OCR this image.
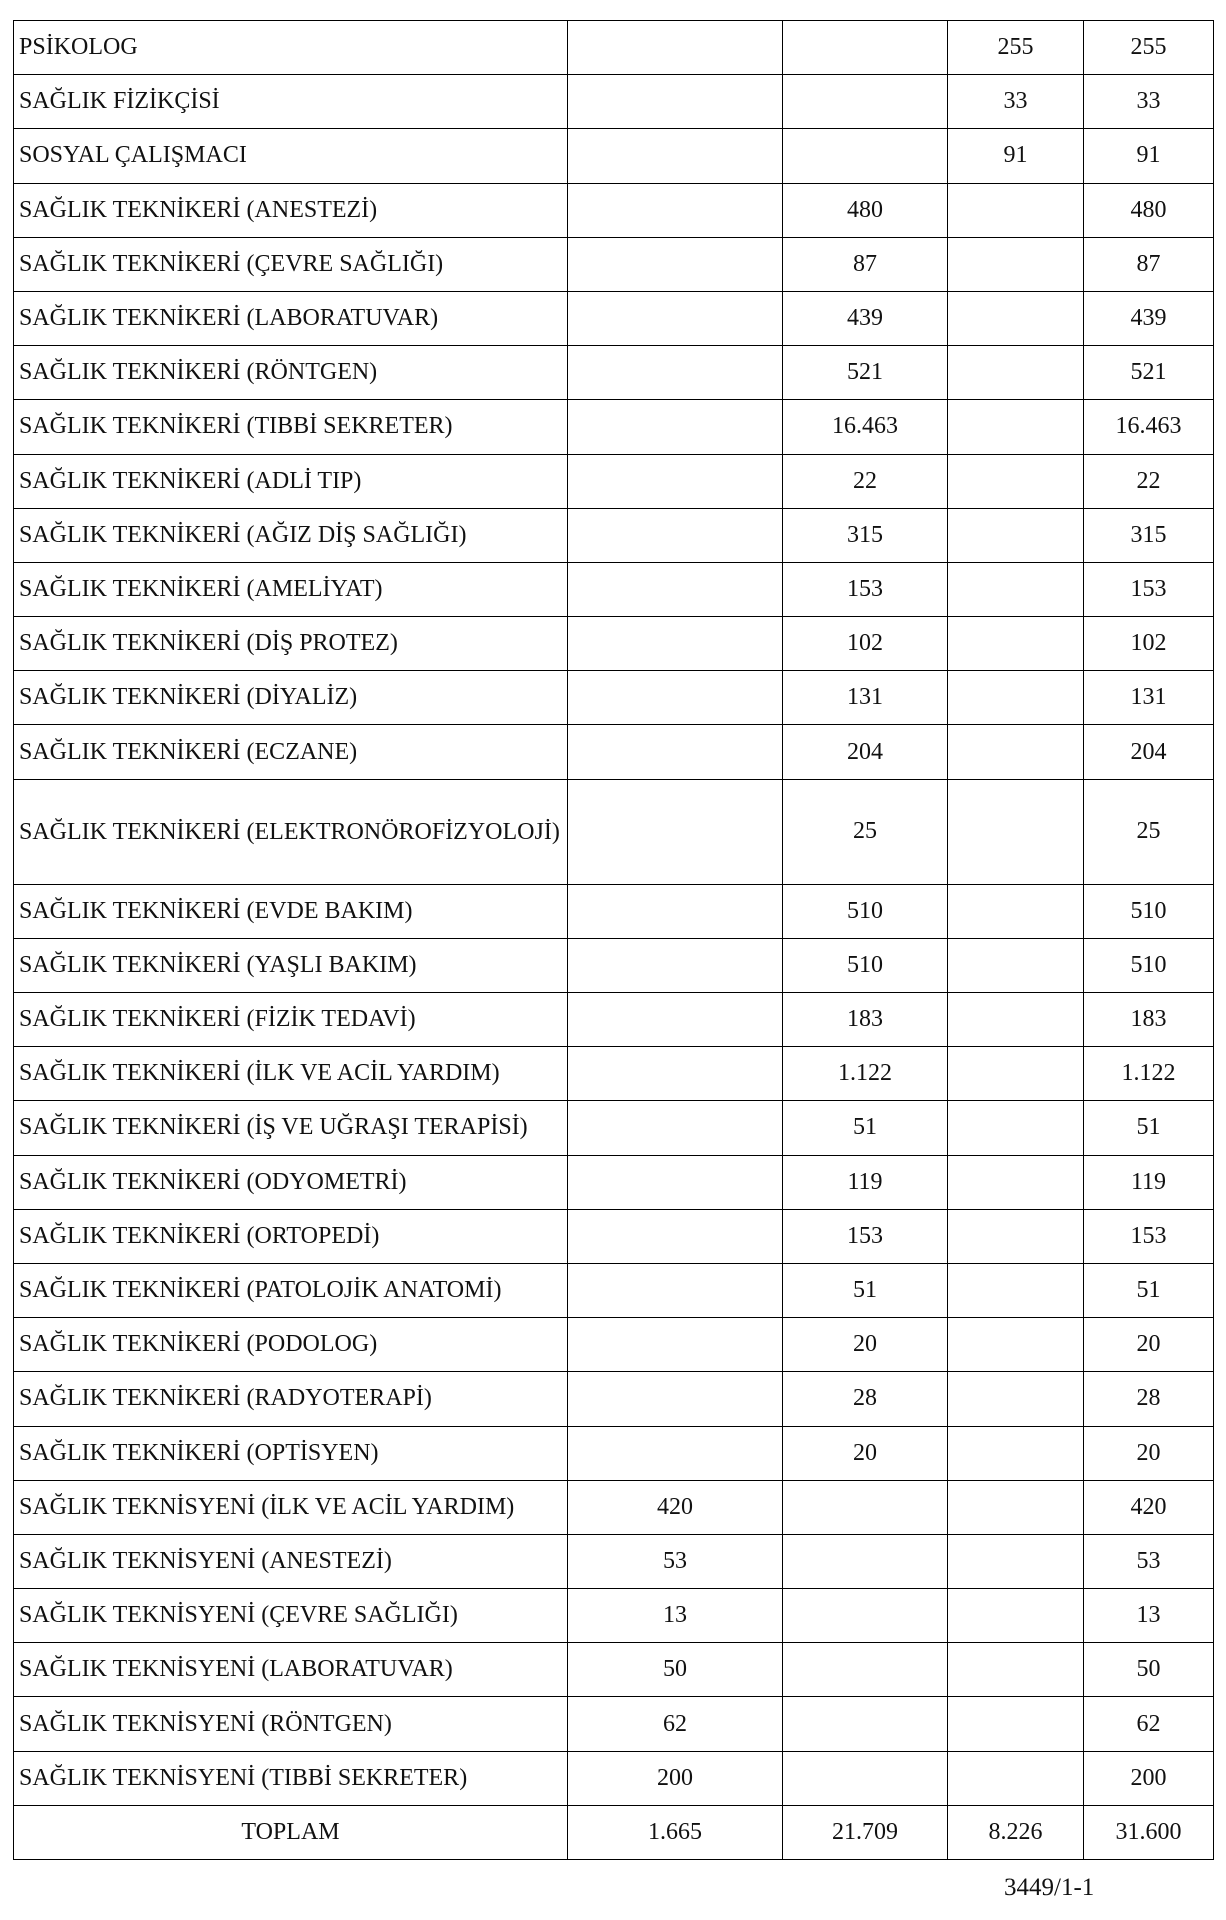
PSİKOLOG			255	255
SAĞLIK FİZİKÇİSİ			33	33
SOSYAL ÇALIŞMACI			91	91
SAĞLIK TEKNİKERİ (ANESTEZİ)		480		480
SAĞLIK TEKNİKERİ (ÇEVRE SAĞLIĞI)		87		87
SAĞLIK TEKNİKERİ (LABORATUVAR)		439		439
SAĞLIK TEKNİKERİ (RÖNTGEN)		521		521
SAĞLIK TEKNİKERİ (TIBBİ SEKRETER)		16.463		16.463
SAĞLIK TEKNİKERİ (ADLİ TIP)		22		22
SAĞLIK TEKNİKERİ (AĞIZ DİŞ SAĞLIĞI)		315		315
SAĞLIK TEKNİKERİ (AMELİYAT)		153		153
SAĞLIK TEKNİKERİ (DİŞ PROTEZ)		102		102
SAĞLIK TEKNİKERİ (DİYALİZ)		131		131
SAĞLIK TEKNİKERİ (ECZANE)		204		204
SAĞLIK TEKNİKERİ (ELEKTRONÖROFİZYOLOJİ)		25		25
SAĞLIK TEKNİKERİ (EVDE BAKIM)		510		510
SAĞLIK TEKNİKERİ (YAŞLI BAKIM)		510		510
SAĞLIK TEKNİKERİ (FİZİK TEDAVİ)		183		183
SAĞLIK TEKNİKERİ (İLK VE ACİL YARDIM)		1.122		1.122
SAĞLIK TEKNİKERİ (İŞ VE UĞRAŞI TERAPİSİ)		51		51
SAĞLIK TEKNİKERİ (ODYOMETRİ)		119		119
SAĞLIK TEKNİKERİ (ORTOPEDİ)		153		153
SAĞLIK TEKNİKERİ (PATOLOJİK ANATOMİ)		51		51
SAĞLIK TEKNİKERİ (PODOLOG)		20		20
SAĞLIK TEKNİKERİ (RADYOTERAPİ)		28		28
SAĞLIK TEKNİKERİ (OPTİSYEN)		20		20
SAĞLIK TEKNİSYENİ (İLK VE ACİL YARDIM)	420			420
SAĞLIK TEKNİSYENİ (ANESTEZİ)	53			53
SAĞLIK TEKNİSYENİ (ÇEVRE SAĞLIĞI)	13			13
SAĞLIK TEKNİSYENİ (LABORATUVAR)	50			50
SAĞLIK TEKNİSYENİ (RÖNTGEN)	62			62
SAĞLIK TEKNİSYENİ (TIBBİ SEKRETER)	200			200
TOPLAM	1.665	21.709	8.226	31.600
3449/1-1
